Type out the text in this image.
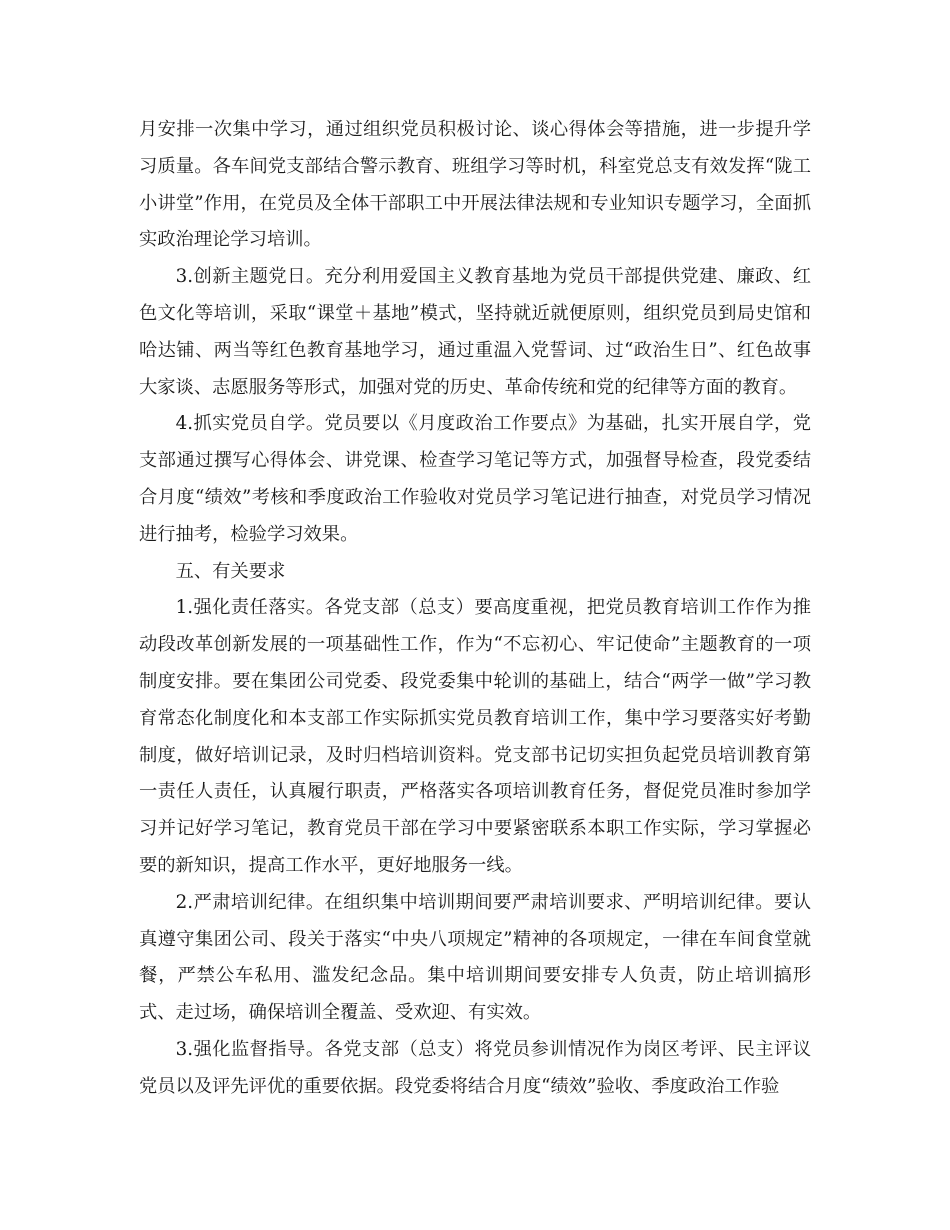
月安排一次集中学习，通过组织党员积极讨论、谈心得体会等措施，进一步提升学习质量。各车间党支部结合警示教育、班组学习等时机，科室党总支有效发挥“陇工小讲堂”作用，在党员及全体干部职工中开展法律法规和专业知识专题学习，全面抓实政治理论学习培训。

3.创新主题党日。充分利用爱国主义教育基地为党员干部提供党建、廉政、红色文化等培训，采取“课堂＋基地”模式，坚持就近就便原则，组织党员到局史馆和哈达铺、两当等红色教育基地学习，通过重温入党誓词、过“政治生日”、红色故事大家谈、志愿服务等形式，加强对党的历史、革命传统和党的纪律等方面的教育。

4.抓实党员自学。党员要以《月度政治工作要点》为基础，扎实开展自学，党支部通过撰写心得体会、讲党课、检查学习笔记等方式，加强督导检查，段党委结合月度“绩效”考核和季度政治工作验收对党员学习笔记进行抽查，对党员学习情况进行抽考，检验学习效果。

五、有关要求

1.强化责任落实。各党支部（总支）要高度重视，把党员教育培训工作作为推动段改革创新发展的一项基础性工作，作为“不忘初心、牢记使命”主题教育的一项制度安排。要在集团公司党委、段党委集中轮训的基础上，结合“两学一做”学习教育常态化制度化和本支部工作实际抓实党员教育培训工作，集中学习要落实好考勤制度，做好培训记录，及时归档培训资料。党支部书记切实担负起党员培训教育第一责任人责任，认真履行职责，严格落实各项培训教育任务，督促党员准时参加学习并记好学习笔记，教育党员干部在学习中要紧密联系本职工作实际，学习掌握必要的新知识，提高工作水平，更好地服务一线。

2.严肃培训纪律。在组织集中培训期间要严肃培训要求、严明培训纪律。要认真遵守集团公司、段关于落实“中央八项规定”精神的各项规定，一律在车间食堂就餐，严禁公车私用、滥发纪念品。集中培训期间要安排专人负责，防止培训搞形式、走过场，确保培训全覆盖、受欢迎、有实效。

3.强化监督指导。各党支部（总支）将党员参训情况作为岗区考评、民主评议党员以及评先评优的重要依据。段党委将结合月度“绩效”验收、季度政治工作验
